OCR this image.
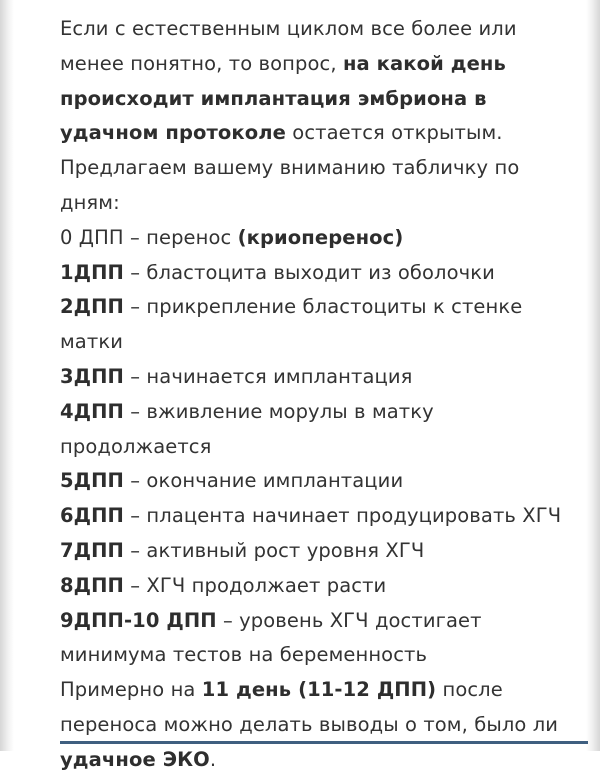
Если с естественным циклом все более или менее понятно, то вопрос, на какой день происходит имплантация эмбриона в удачном протоколе остается открытым. Предлагаем вашему вниманию табличку по дням:

0 ДПП – перенос (криоперенос)

1ДПП – бластоцита выходит из оболочки

2ДПП – прикрепление бластоциты к стенке матки

3ДПП – начинается имплантация

4ДПП – вживление морулы в матку продолжается

5ДПП – окончание имплантации

6ДПП – плацента начинает продуцировать ХГЧ

7ДПП – активный рост уровня ХГЧ

8ДПП – ХГЧ продолжает расти

9ДПП-10 ДПП – уровень ХГЧ достигает минимума тестов на беременность

Примерно на 11 день (11-12 ДПП) после переноса можно делать выводы о том, было ли удачное ЭКО.
